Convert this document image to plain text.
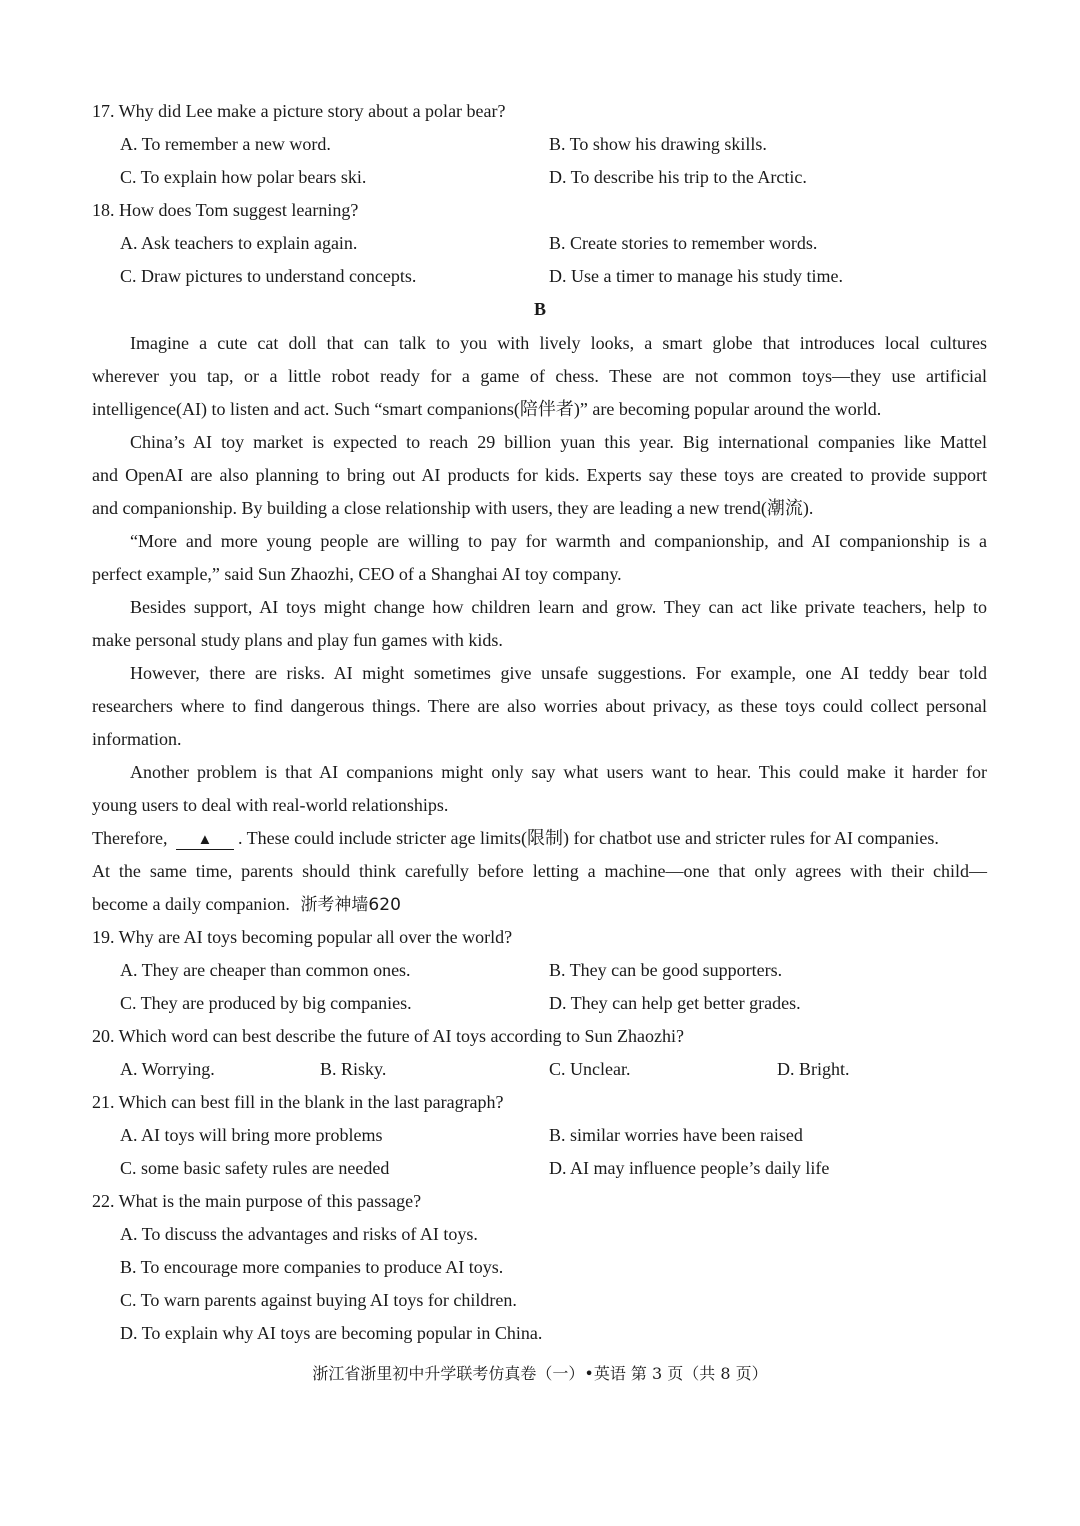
17. Why did Lee make a picture story about a polar bear?
A. To remember a new word.	B. To show his drawing skills.
C. To explain how polar bears ski.	D. To describe his trip to the Arctic.
18. How does Tom suggest learning?
A. Ask teachers to explain again.	B. Create stories to remember words.
C. Draw pictures to understand concepts.	D. Use a timer to manage his study time.
B
Imagine a cute cat doll that can talk to you with lively looks, a smart globe that introduces local cultures
wherever you tap, or a little robot ready for a game of chess. These are not common toys—they use artificial
intelligence(AI) to listen and act. Such “smart companions(陪伴者)” are becoming popular around the world.
China’s AI toy market is expected to reach 29 billion yuan this year. Big international companies like Mattel
and OpenAI are also planning to bring out AI products for kids. Experts say these toys are created to provide support
and companionship. By building a close relationship with users, they are leading a new trend(潮流).
“More and more young people are willing to pay for warmth and companionship, and AI companionship is a
perfect example,” said Sun Zhaozhi, CEO of a Shanghai AI toy company.
Besides support, AI toys might change how children learn and grow. They can act like private teachers, help to
make personal study plans and play fun games with kids.
However, there are risks. AI might sometimes give unsafe suggestions. For example, one AI teddy bear told
researchers where to find dangerous things. There are also worries about privacy, as these toys could collect personal
information.
Another problem is that AI companions might only say what users want to hear. This could make it harder for
young users to deal with real-world relationships.
Therefore, ▲ . These could include stricter age limits(限制) for chatbot use and stricter rules for AI companies.
At the same time, parents should think carefully before letting a machine—one that only agrees with their child—
become a daily companion. 浙考神墙620
19. Why are AI toys becoming popular all over the world?
A. They are cheaper than common ones.	B. They can be good supporters.
C. They are produced by big companies.	D. They can help get better grades.
20. Which word can best describe the future of AI toys according to Sun Zhaozhi?
A. Worrying.	B. Risky.	C. Unclear.	D. Bright.
21. Which can best fill in the blank in the last paragraph?
A. AI toys will bring more problems	B. similar worries have been raised
C. some basic safety rules are needed	D. AI may influence people’s daily life
22. What is the main purpose of this passage?
A. To discuss the advantages and risks of AI toys.
B. To encourage more companies to produce AI toys.
C. To warn parents against buying AI toys for children.
D. To explain why AI toys are becoming popular in China.
浙江省浙里初中升学联考仿真卷（一）•英语 第 3 页（共 8 页）
